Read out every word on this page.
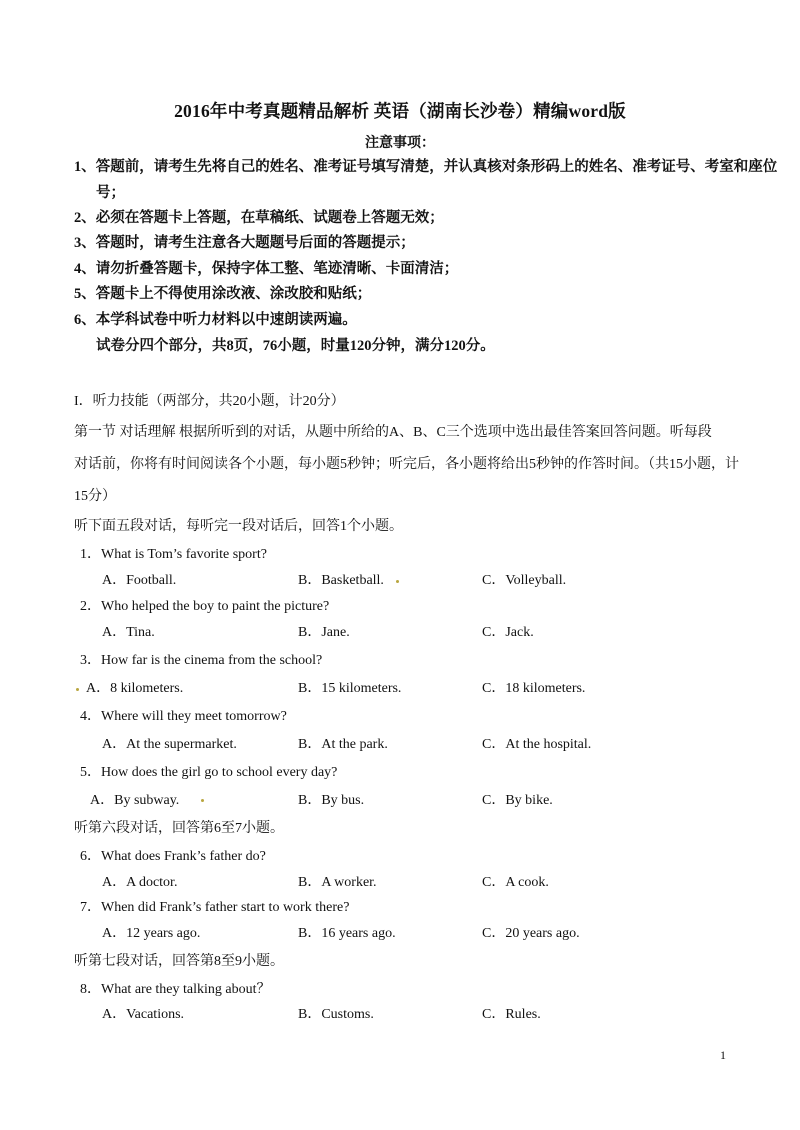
2016年中考真题精品解析 英语（湖南长沙卷）精编word版
注意事项：
1、答题前，请考生先将自己的姓名、准考证号填写清楚，并认真核对条形码上的姓名、准考证号、考室和座位
号；
2、必须在答题卡上答题，在草稿纸、试题卷上答题无效；
3、答题时，请考生注意各大题题号后面的答题提示；
4、请勿折叠答题卡，保持字体工整、笔迹清晰、卡面清洁；
5、答题卡上不得使用涂改液、涂改胶和贴纸；
6、本学科试卷中听力材料以中速朗读两遍。
试卷分四个部分，共8页，76小题，时量120分钟，满分120分。
I．听力技能（两部分，共20小题，计20分）
第一节 对话理解 根据所听到的对话，从题中所给的A、B、C三个选项中选出最佳答案回答问题。听每段
对话前，你将有时间阅读各个小题，每小题5秒钟；听完后，各小题将给出5秒钟的作答时间。（共15小题，计
15分）
听下面五段对话，每听完一段对话后，回答1个小题。
1．What is Tom’s favorite sport?
A．Football.	B．Basketball.	C．Volleyball.
2．Who helped the boy to paint the picture?
A．Tina.	B．Jane.	C．Jack.
3．How far is the cinema from the school?
A．8 kilometers.	B．15 kilometers.	C．18 kilometers.
4．Where will they meet tomorrow?
A．At the supermarket.	B．At the park.	C．At the hospital.
5．How does the girl go to school every day?
A．By subway.	B．By bus.	C．By bike.
听第六段对话，回答第6至7小题。
6．What does Frank’s father do?
A．A doctor.	B．A worker.	C．A cook.
7．When did Frank’s father start to work there?
A．12 years ago.	B．16 years ago.	C．20 years ago.
听第七段对话，回答第8至9小题。
8．What are they talking about？
A．Vacations.	B．Customs.	C．Rules.
1
